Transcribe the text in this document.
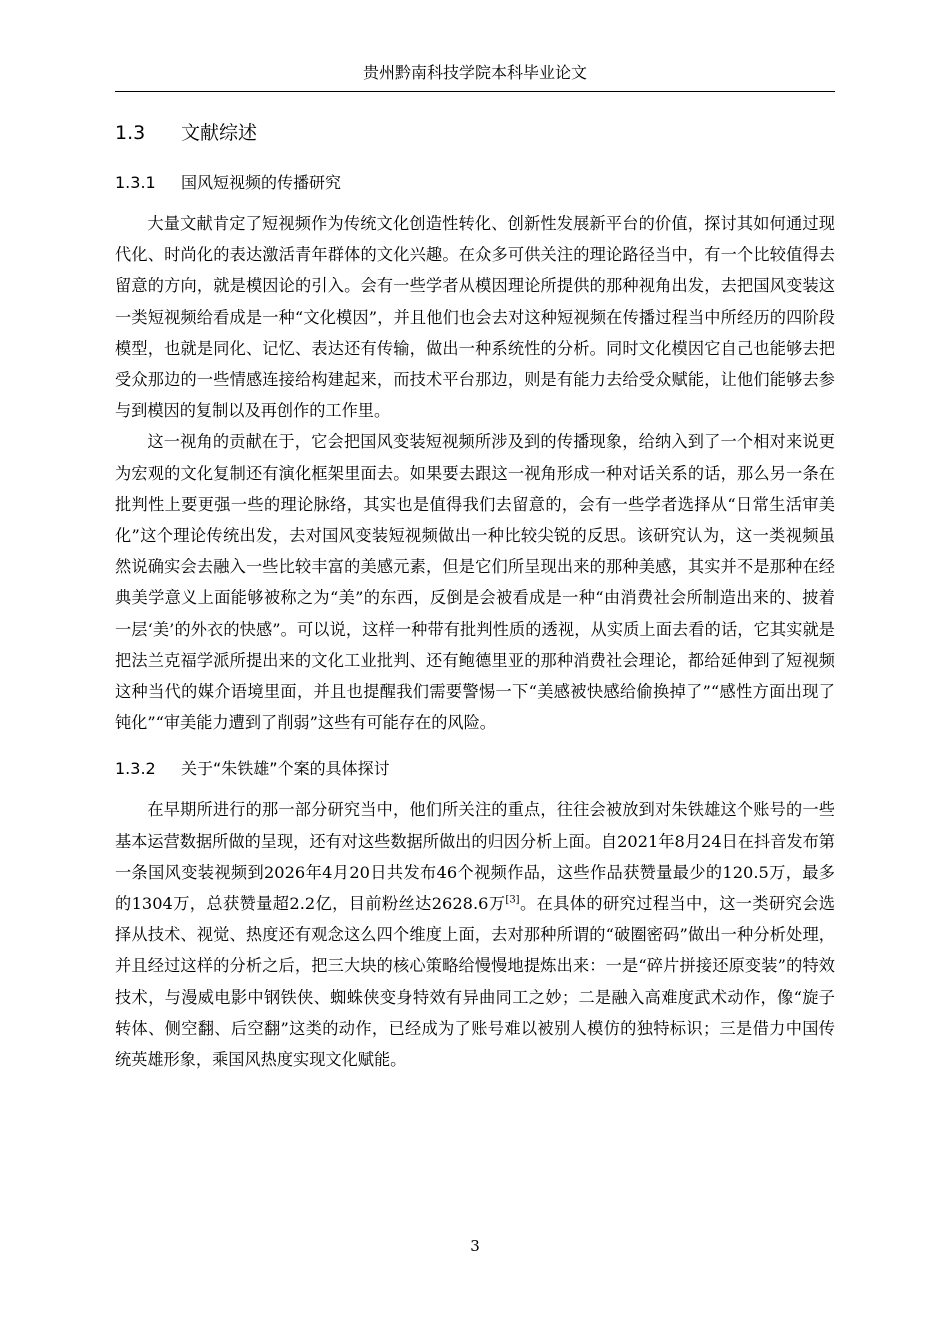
贵州黔南科技学院本科毕业论文
1.3 文献综述
1.3.1 国风短视频的传播研究

大量文献肯定了短视频作为传统文化创造性转化、创新性发展新平台的价值，探讨其如何通过现代化、时尚化的表达激活青年群体的文化兴趣。在众多可供关注的理论路径当中，有一个比较值得去留意的方向，就是模因论的引入。会有一些学者从模因理论所提供的那种视角出发，去把国风变装这一类短视频给看成是一种“文化模因”，并且他们也会去对这种短视频在传播过程当中所经历的四阶段模型，也就是同化、记忆、表达还有传输，做出一种系统性的分析。同时文化模因它自己也能够去把受众那边的一些情感连接给构建起来，而技术平台那边，则是有能力去给受众赋能，让他们能够去参与到模因的复制以及再创作的工作里。

这一视角的贡献在于，它会把国风变装短视频所涉及到的传播现象，给纳入到了一个相对来说更为宏观的文化复制还有演化框架里面去。如果要去跟这一视角形成一种对话关系的话，那么另一条在批判性上要更强一些的理论脉络，其实也是值得我们去留意的，会有一些学者选择从“日常生活审美化”这个理论传统出发，去对国风变装短视频做出一种比较尖锐的反思。该研究认为，这一类视频虽然说确实会去融入一些比较丰富的美感元素，但是它们所呈现出来的那种美感，其实并不是那种在经典美学意义上面能够被称之为“美”的东西，反倒是会被看成是一种“由消费社会所制造出来的、披着一层‘美’的外衣的快感”。可以说，这样一种带有批判性质的透视，从实质上面去看的话，它其实就是把法兰克福学派所提出来的文化工业批判、还有鲍德里亚的那种消费社会理论，都给延伸到了短视频这种当代的媒介语境里面，并且也提醒我们需要警惕一下“美感被快感给偷换掉了”“感性方面出现了钝化”“审美能力遭到了削弱”这些有可能存在的风险。

1.3.2 关于“朱铁雄”个案的具体探讨

在早期所进行的那一部分研究当中，他们所关注的重点，往往会被放到对朱铁雄这个账号的一些基本运营数据所做的呈现，还有对这些数据所做出的归因分析上面。自2021年8月24日在抖音发布第一条国风变装视频到2026年4月20日共发布46个视频作品，这些作品获赞量最少的120.5万，最多的1304万，总获赞量超2.2亿，目前粉丝达2628.6万[3]。在具体的研究过程当中，这一类研究会选择从技术、视觉、热度还有观念这么四个维度上面，去对那种所谓的“破圈密码”做出一种分析处理，并且经过这样的分析之后，把三大块的核心策略给慢慢地提炼出来：一是“碎片拼接还原变装”的特效技术，与漫威电影中钢铁侠、蜘蛛侠变身特效有异曲同工之妙；二是融入高难度武术动作，像“旋子转体、侧空翻、后空翻”这类的动作，已经成为了账号难以被别人模仿的独特标识；三是借力中国传统英雄形象，乘国风热度实现文化赋能。

3
